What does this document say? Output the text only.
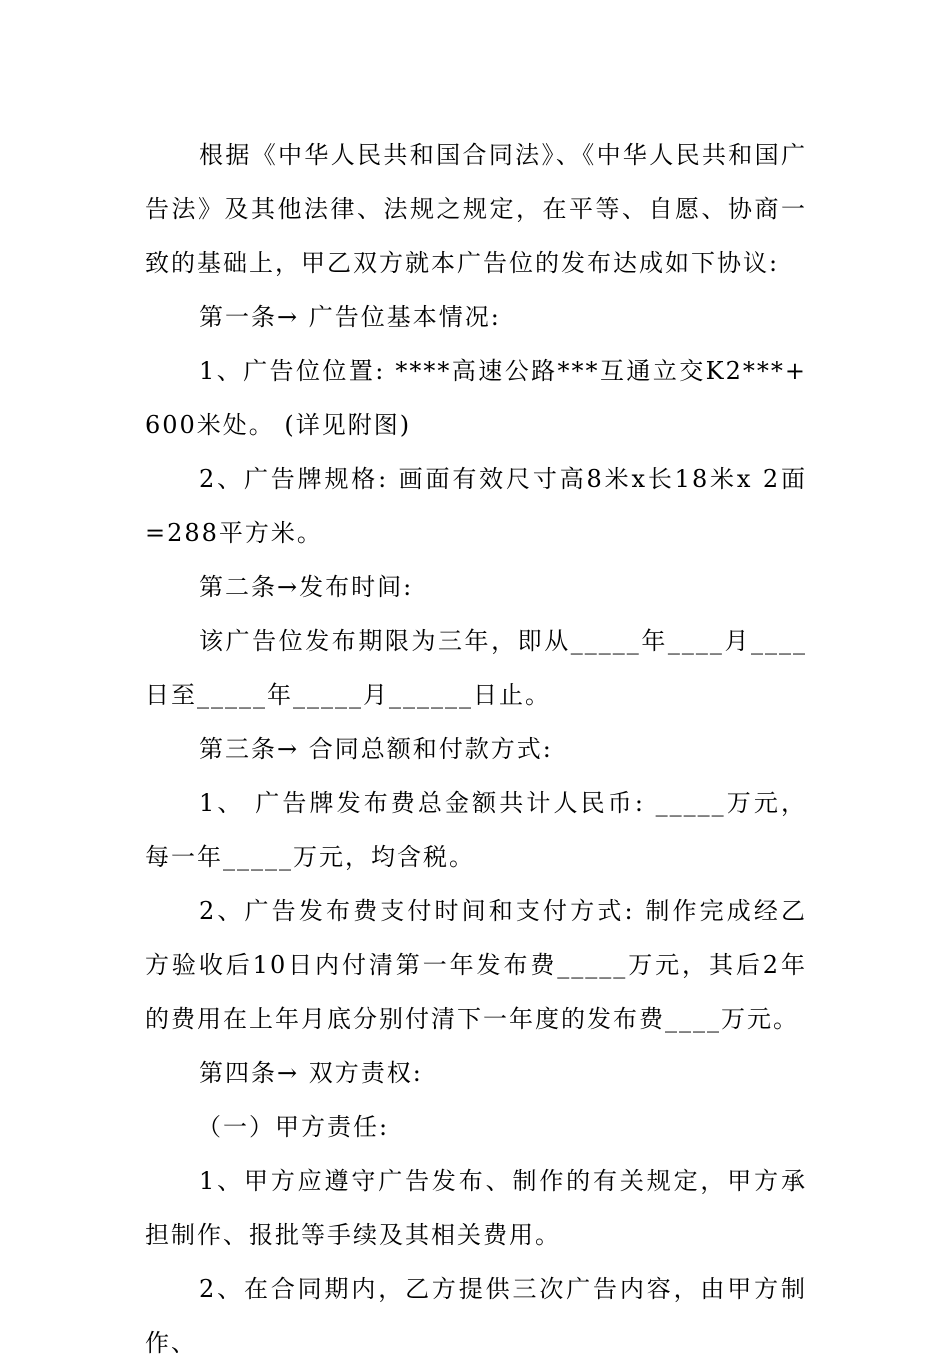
根据《中华人民共和国合同法》、《中华人民共和国广告法》及其他法律、法规之规定，在平等、自愿、协商一致的基础上，甲乙双方就本广告位的发布达成如下协议:

第一条→ 广告位基本情况:

1、广告位位置: ****高速公路***互通立交K2***+600米处。 (详见附图)

2、广告牌规格: 画面有效尺寸高8米x长18米x 2面=288平方米。

第二条→发布时间:

该广告位发布期限为三年，即从_____年____月____日至_____年_____月______日止。

第三条→ 合同总额和付款方式:

1、 广告牌发布费总金额共计人民币: _____万元，每一年_____万元，均含税。

2、广告发布费支付时间和支付方式: 制作完成经乙方验收后10日内付清第一年发布费_____万元，其后2年的费用在上年月底分别付清下一年度的发布费____万元。

第四条→ 双方责权:

（一）甲方责任:

1、甲方应遵守广告发布、制作的有关规定，甲方承担制作、报批等手续及其相关费用。

2、在合同期内，乙方提供三次广告内容，由甲方制作、
